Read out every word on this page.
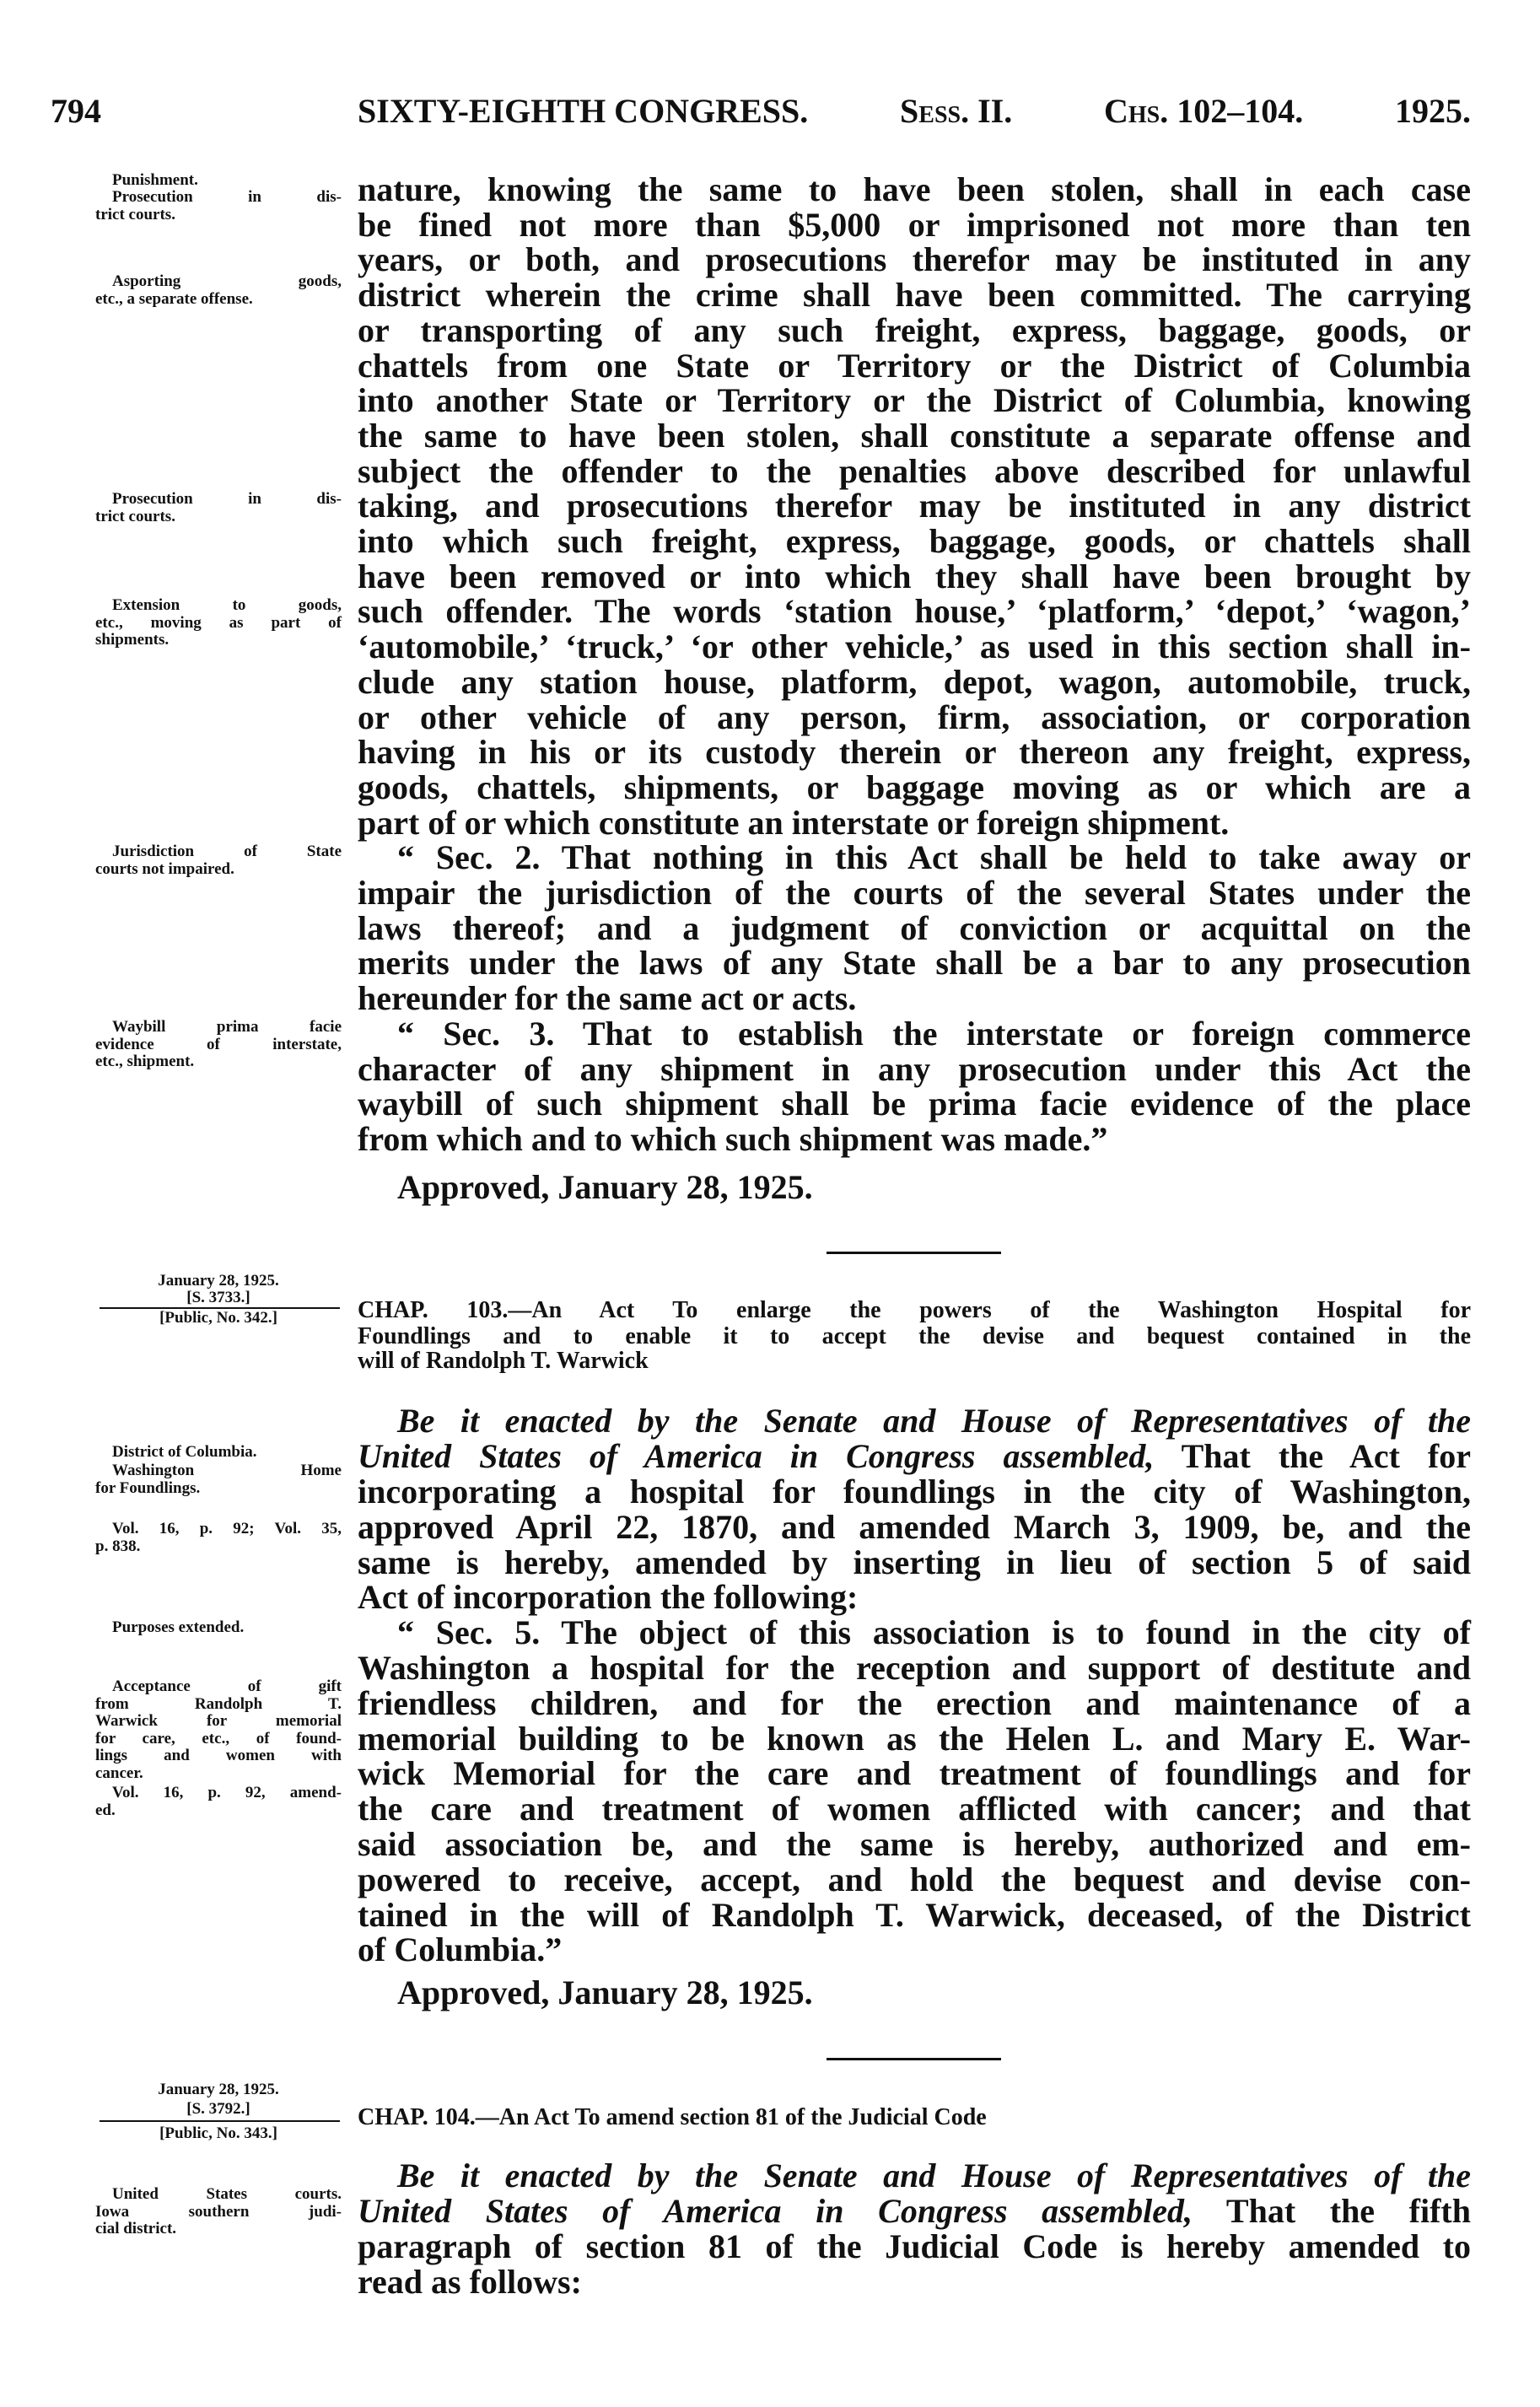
794	SIXTY-EIGHTH CONGRESS.	Sess. II.	Chs. 102–104.	1925.
nature, knowing the same to have been stolen, shall in each case
be fined not more than $5,000 or imprisoned not more than ten
years, or both, and prosecutions therefor may be instituted in any
district wherein the crime shall have been committed. The carrying
or transporting of any such freight, express, baggage, goods, or
chattels from one State or Territory or the District of Columbia
into another State or Territory or the District of Columbia, knowing
the same to have been stolen, shall constitute a separate offense and
subject the offender to the penalties above described for unlawful
taking, and prosecutions therefor may be instituted in any district
into which such freight, express, baggage, goods, or chattels shall
have been removed or into which they shall have been brought by
such offender. The words ‘station house,’ ‘platform,’ ‘depot,’ ‘wagon,’
‘automobile,’ ‘truck,’ ‘or other vehicle,’ as used in this section shall in-
clude any station house, platform, depot, wagon, automobile, truck,
or other vehicle of any person, firm, association, or corporation
having in his or its custody therein or thereon any freight, express,
goods, chattels, shipments, or baggage moving as or which are a
part of or which constitute an interstate or foreign shipment.
“ Sec. 2. That nothing in this Act shall be held to take away or
impair the jurisdiction of the courts of the several States under the
laws thereof; and a judgment of conviction or acquittal on the
merits under the laws of any State shall be a bar to any prosecution
hereunder for the same act or acts.
“ Sec. 3. That to establish the interstate or foreign commerce
character of any shipment in any prosecution under this Act the
waybill of such shipment shall be prima facie evidence of the place
from which and to which such shipment was made.”
Punishment.
Prosecution in dis-
trict courts.
Asporting goods,
etc., a separate offense.
Prosecution in dis-
trict courts.
Extension to goods,
etc., moving as part of
shipments.
Jurisdiction of State
courts not impaired.
Waybill prima facie
evidence of interstate,
etc., shipment.
District of Columbia.
Washington Home
for Foundlings.
Vol. 16, p. 92; Vol. 35,
p. 838.
Purposes extended.
Acceptance of gift
from Randolph T.
Warwick for memorial
for care, etc., of found-
lings and women with
cancer.
Vol. 16, p. 92, amend-
ed.
United States courts.
Iowa southern judi-
cial district.
Approved, January 28, 1925.
January 28, 1925.
[S. 3733.]
[Public, No. 342.]	CHAP. 103.—An Act To enlarge the powers of the Washington Hospital for
Foundlings and to enable it to accept the devise and bequest contained in the
will of Randolph T. Warwick
Be it enacted by the Senate and House of Representatives of the
United States of America in Congress assembled, That the Act for
incorporating a hospital for foundlings in the city of Washington,
approved April 22, 1870, and amended March 3, 1909, be, and the
same is hereby, amended by inserting in lieu of section 5 of said
Act of incorporation the following:
“ Sec. 5. The object of this association is to found in the city of
Washington a hospital for the reception and support of destitute and
friendless children, and for the erection and maintenance of a
memorial building to be known as the Helen L. and Mary E. War-
wick Memorial for the care and treatment of foundlings and for
the care and treatment of women afflicted with cancer; and that
said association be, and the same is hereby, authorized and em-
powered to receive, accept, and hold the bequest and devise con-
tained in the will of Randolph T. Warwick, deceased, of the District
of Columbia.”
Approved, January 28, 1925.
January 28, 1925.
[S. 3792.]
[Public, No. 343.]
CHAP. 104.—An Act To amend section 81 of the Judicial Code
Be it enacted by the Senate and House of Representatives of the
United States of America in Congress assembled, That the fifth
paragraph of section 81 of the Judicial Code is hereby amended to
read as follows:
